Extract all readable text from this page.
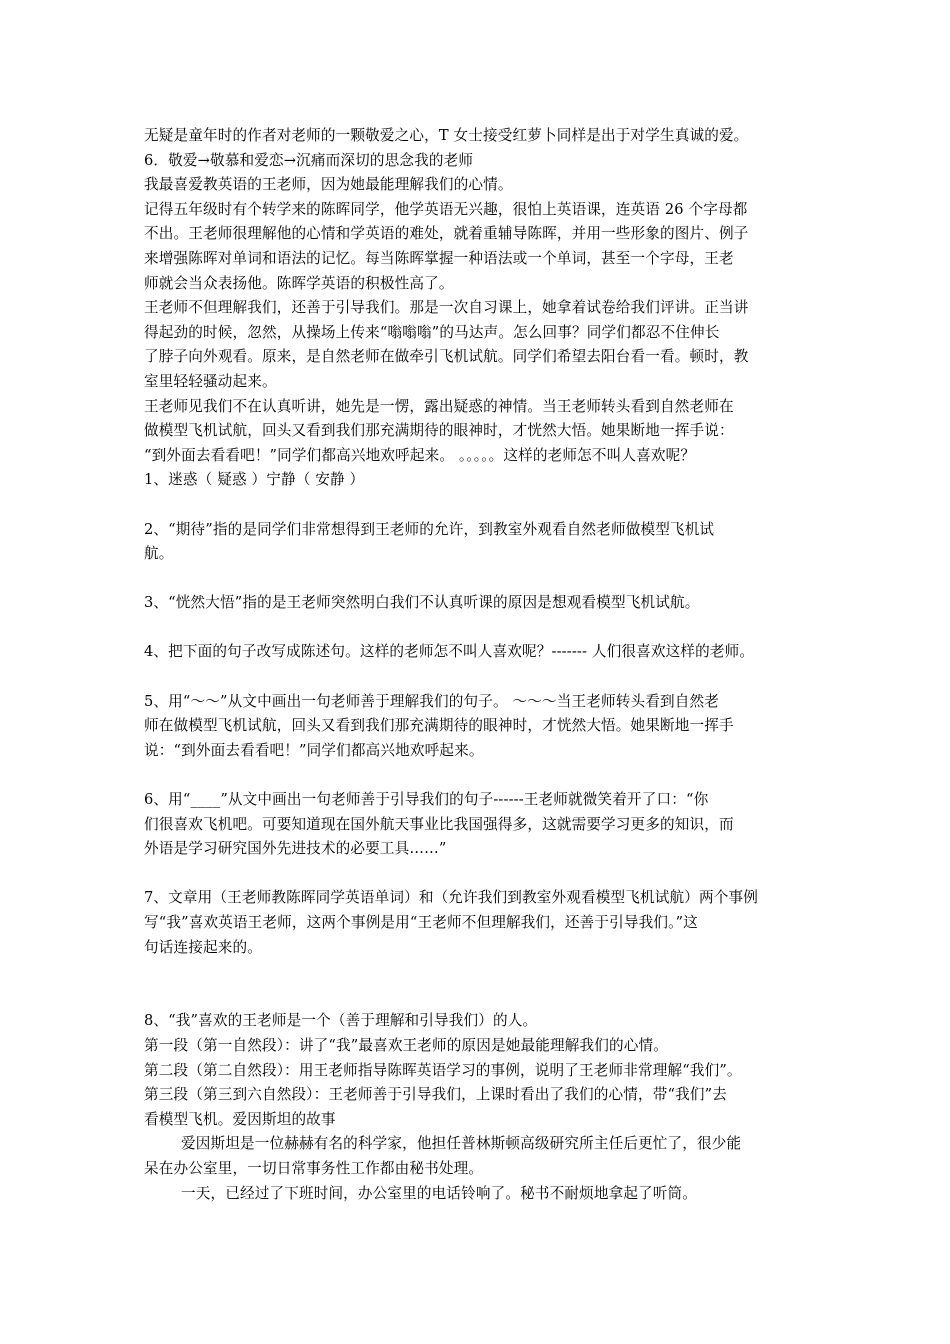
无疑是童年时的作者对老师的一颗敬爱之心，T 女士接受红萝卜同样是出于对学生真诚的爱。
6．敬爱→敬慕和爱恋→沉痛而深切的思念我的老师
我最喜爱教英语的王老师，因为她最能理解我们的心情。
记得五年级时有个转学来的陈晖同学，他学英语无兴趣，很怕上英语课，连英语 26 个字母都
不出。王老师很理解他的心情和学英语的难处，就着重辅导陈晖，并用一些形象的图片、例子
来增强陈晖对单词和语法的记忆。每当陈晖掌握一种语法或一个单词，甚至一个字母，王老
师就会当众表扬他。陈晖学英语的积极性高了。
王老师不但理解我们，还善于引导我们。那是一次自习课上，她拿着试卷给我们评讲。正当讲
得起劲的时候，忽然，从操场上传来“嗡嗡嗡”的马达声。怎么回事？同学们都忍不住伸长
了脖子向外观看。原来，是自然老师在做牵引飞机试航。同学们希望去阳台看一看。顿时，教
室里轻轻骚动起来。
王老师见我们不在认真听讲，她先是一愣，露出疑惑的神情。当王老师转头看到自然老师在
做模型飞机试航，回头又看到我们那充满期待的眼神时，才恍然大悟。她果断地一挥手说：
“到外面去看看吧！”同学们都高兴地欢呼起来。 。。。。。这样的老师怎不叫人喜欢呢？
1、迷惑（ 疑惑 ）宁静（ 安静 ）
2、“期待”指的是同学们非常想得到王老师的允许，到教室外观看自然老师做模型飞机试
航。
3、“恍然大悟”指的是王老师突然明白我们不认真听课的原因是想观看模型飞机试航。
4、把下面的句子改写成陈述句。这样的老师怎不叫人喜欢呢？------- 人们很喜欢这样的老师。
5、用“～～”从文中画出一句老师善于理解我们的句子。 ～～～当王老师转头看到自然老
师在做模型飞机试航，回头又看到我们那充满期待的眼神时，才恍然大悟。她果断地一挥手
说：“到外面去看看吧！”同学们都高兴地欢呼起来。
6、用“____”从文中画出一句老师善于引导我们的句子------王老师就微笑着开了口：“你
们很喜欢飞机吧。可要知道现在国外航天事业比我国强得多，这就需要学习更多的知识，而
外语是学习研究国外先进技术的必要工具……”
7、文章用（王老师教陈晖同学英语单词）和（允许我们到教室外观看模型飞机试航）两个事例
写“我”喜欢英语王老师，这两个事例是用“王老师不但理解我们，还善于引导我们。”这
句话连接起来的。
8、“我”喜欢的王老师是一个（善于理解和引导我们）的人。
第一段（第一自然段）：讲了“我”最喜欢王老师的原因是她最能理解我们的心情。
第二段（第二自然段）：用王老师指导陈晖英语学习的事例，说明了王老师非常理解“我们”。
第三段（第三到六自然段）：王老师善于引导我们，上课时看出了我们的心情，带“我们”去
看模型飞机。爱因斯坦的故事
爱因斯坦是一位赫赫有名的科学家，他担任普林斯顿高级研究所主任后更忙了，很少能
呆在办公室里，一切日常事务性工作都由秘书处理。
一天，已经过了下班时间，办公室里的电话铃响了。秘书不耐烦地拿起了听筒。
